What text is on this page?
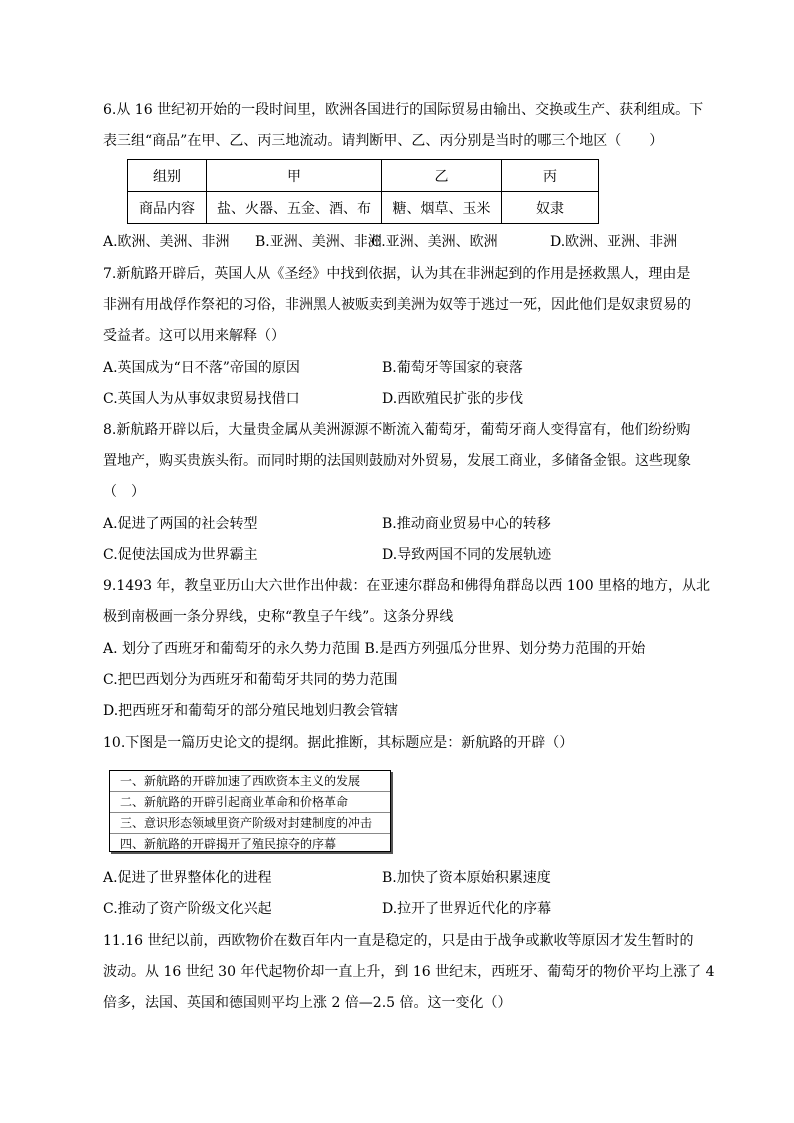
6.从 16 世纪初开始的一段时间里，欧洲各国进行的国际贸易由输出、交换或生产、获利组成。下
表三组“商品”在甲、乙、丙三地流动。请判断甲、乙、丙分别是当时的哪三个地区（　　）
组别	甲	乙	丙
商品内容	盐、火器、五金、酒、布	糖、烟草、玉米	奴隶
A.欧洲、美洲、非洲 B.亚洲、美洲、非洲
C.亚洲、美洲、欧洲	D.欧洲、亚洲、非洲
7.新航路开辟后，英国人从《圣经》中找到依据，认为其在非洲起到的作用是拯救黑人，理由是
非洲有用战俘作祭祀的习俗，非洲黑人被贩卖到美洲为奴等于逃过一死，因此他们是奴隶贸易的
受益者。这可以用来解释（）
A.英国成为“日不落”帝国的原因	B.葡萄牙等国家的衰落
C.英国人为从事奴隶贸易找借口	D.西欧殖民扩张的步伐
8.新航路开辟以后，大量贵金属从美洲源源不断流入葡萄牙，葡萄牙商人变得富有，他们纷纷购
置地产，购买贵族头衔。而同时期的法国则鼓励对外贸易，发展工商业，多储备金银。这些现象
（　）
A.促进了两国的社会转型	B.推动商业贸易中心的转移
C.促使法国成为世界霸主	D.导致两国不同的发展轨迹
9.1493 年，教皇亚历山大六世作出仲裁：在亚速尔群岛和佛得角群岛以西 100 里格的地方，从北
极到南极画一条分界线，史称“教皇子午线”。这条分界线
A. 划分了西班牙和葡萄牙的永久势力范围 B.是西方列强瓜分世界、划分势力范围的开始
C.把巴西划分为西班牙和葡萄牙共同的势力范围
D.把西班牙和葡萄牙的部分殖民地划归教会管辖
10.下图是一篇历史论文的提纲。据此推断，其标题应是：新航路的开辟（）
一、新航路的开辟加速了西欧资本主义的发展
二、新航路的开辟引起商业革命和价格革命
三、意识形态领域里资产阶级对封建制度的冲击
四、新航路的开辟揭开了殖民掠夺的序幕
A.促进了世界整体化的进程	B.加快了资本原始积累速度
C.推动了资产阶级文化兴起	D.拉开了世界近代化的序幕
11.16 世纪以前，西欧物价在数百年内一直是稳定的，只是由于战争或歉收等原因才发生暂时的
波动。从 16 世纪 30 年代起物价却一直上升，到 16 世纪末，西班牙、葡萄牙的物价平均上涨了 4
倍多，法国、英国和德国则平均上涨 2 倍—2.5 倍。这一变化（）
